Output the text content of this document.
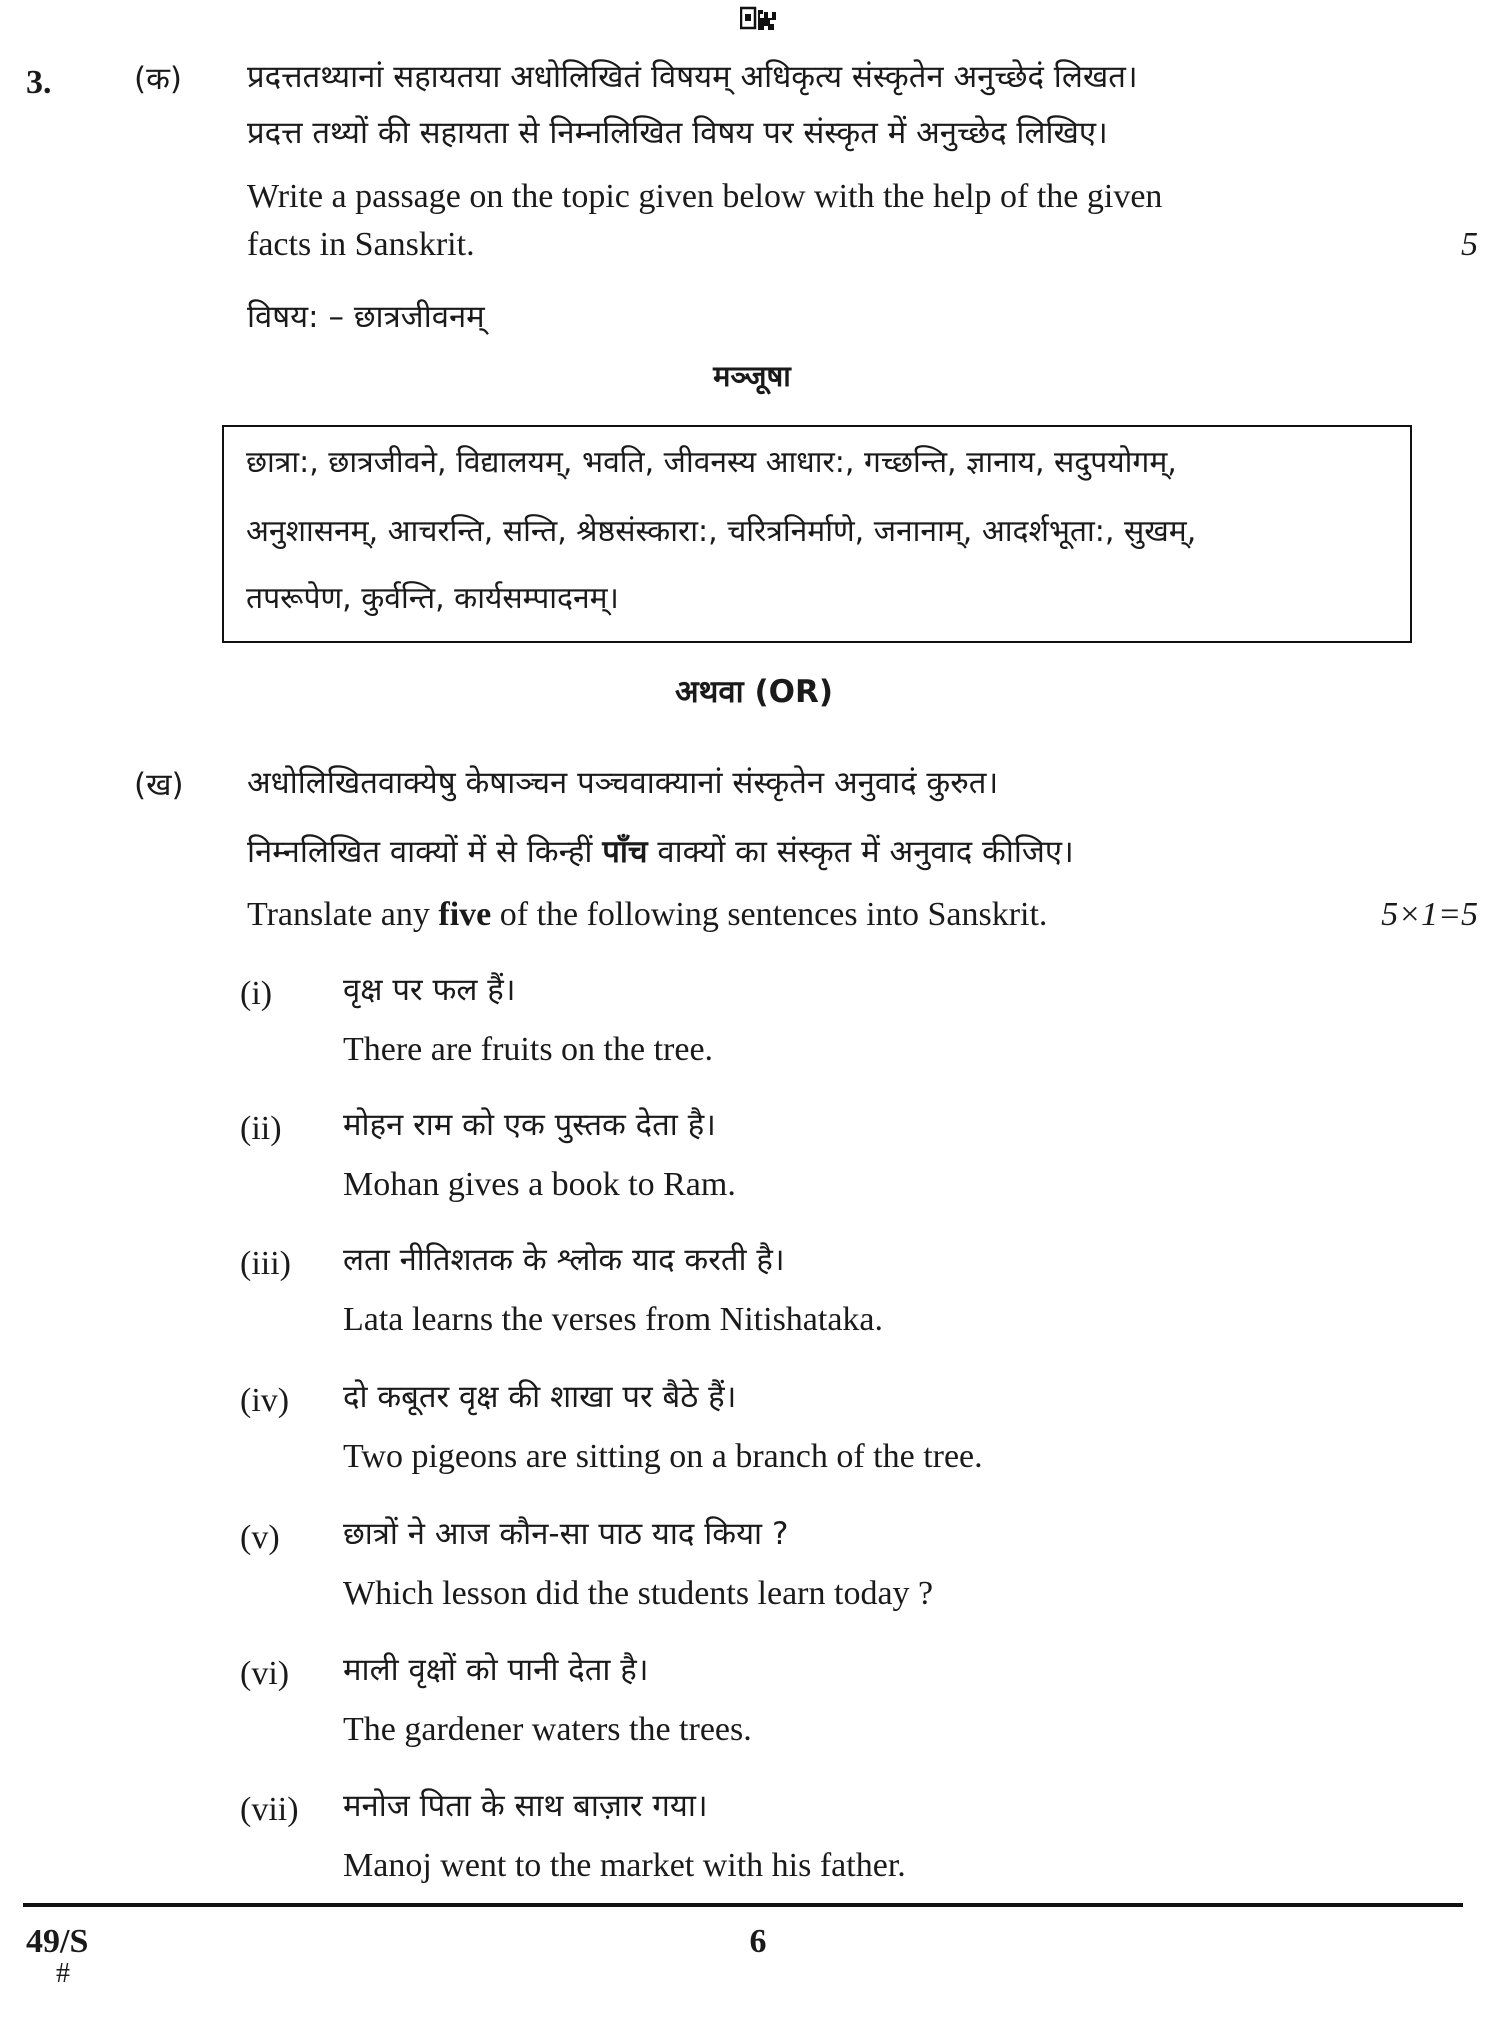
3.	(क) प्रदत्ततथ्यानां सहायतया अधोलिखितं विषयम् अधिकृत्य संस्कृतेन अनुच्छेदं लिखत।
प्रदत्त तथ्यों की सहायता से निम्नलिखित विषय पर संस्कृत में अनुच्छेद लिखिए।
Write a passage on the topic given below with the help of the given
facts in Sanskrit.	5
विषय: – छात्रजीवनम्
मञ्जूषा
छात्रा:, छात्रजीवने, विद्यालयम्, भवति, जीवनस्य आधार:, गच्छन्ति, ज्ञानाय, सदुपयोगम्,
अनुशासनम्, आचरन्ति, सन्ति, श्रेष्ठसंस्कारा:, चरित्रनिर्माणे, जनानाम्, आदर्शभूता:, सुखम्,
तपरूपेण, कुर्वन्ति, कार्यसम्पादनम्।
अथवा (OR)
(ख) अधोलिखितवाक्येषु केषाञ्चन पञ्चवाक्यानां संस्कृतेन अनुवादं कुरुत।
निम्नलिखित वाक्यों में से किन्हीं पाँच वाक्यों का संस्कृत में अनुवाद कीजिए।
Translate any five of the following sentences into Sanskrit.	5×1=5
(i) वृक्ष पर फल हैं।
There are fruits on the tree.
(ii) मोहन राम को एक पुस्तक देता है।
Mohan gives a book to Ram.
(iii) लता नीतिशतक के श्लोक याद करती है।
Lata learns the verses from Nitishataka.
(iv) दो कबूतर वृक्ष की शाखा पर बैठे हैं।
Two pigeons are sitting on a branch of the tree.
(v) छात्रों ने आज कौन-सा पाठ याद किया ?
Which lesson did the students learn today ?
(vi) माली वृक्षों को पानी देता है।
The gardener waters the trees.
(vii) मनोज पिता के साथ बाज़ार गया।
Manoj went to the market with his father.
49/S	6
#
